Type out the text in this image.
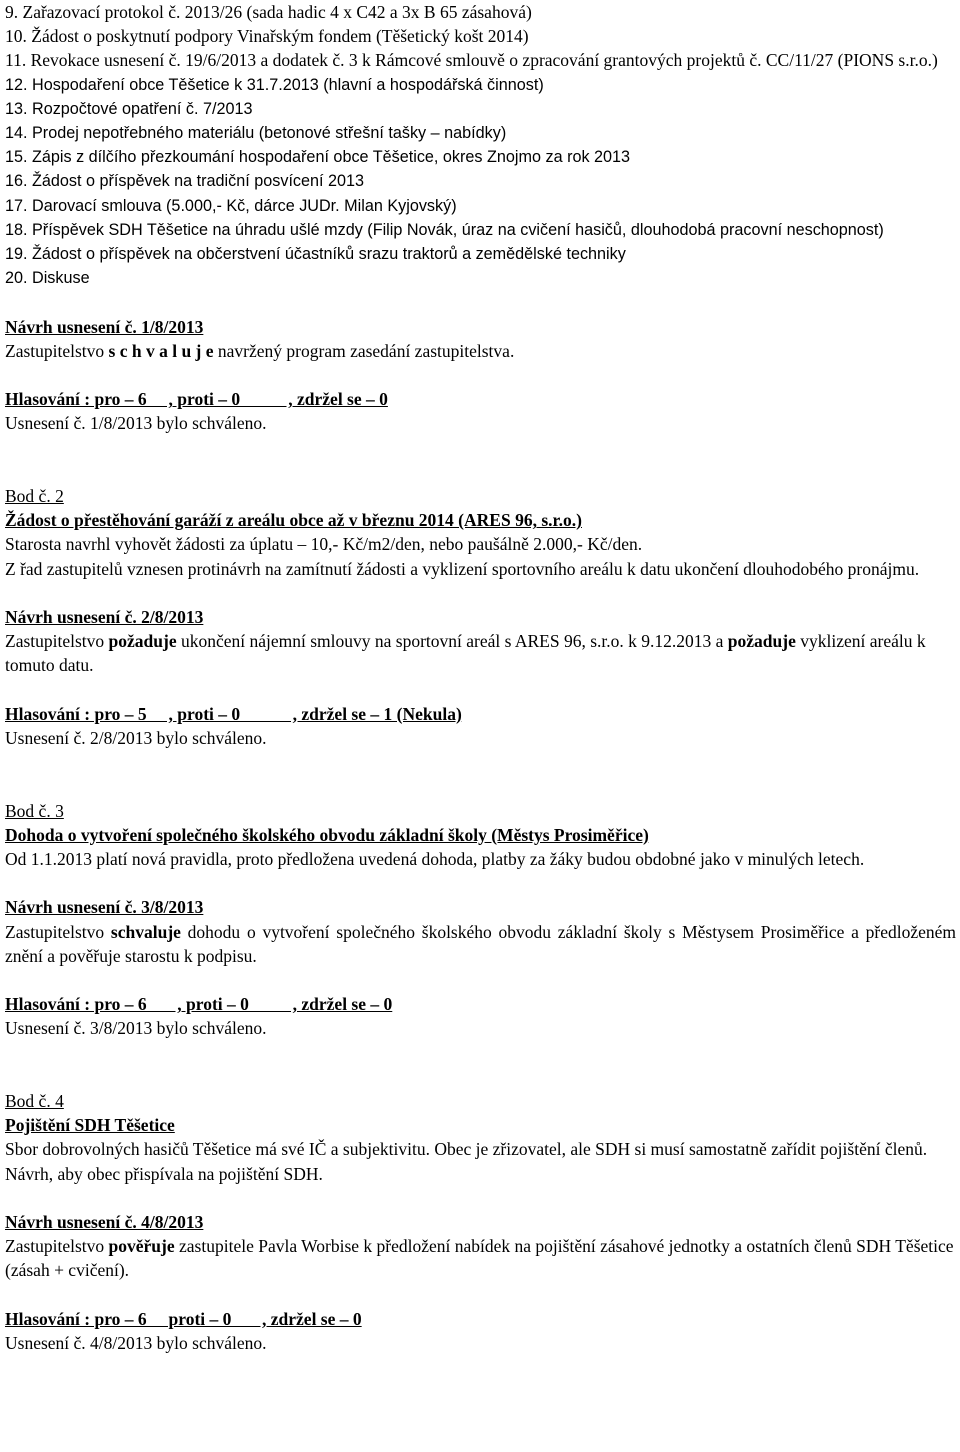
9. Zařazovací protokol č. 2013/26 (sada hadic 4 x C42 a 3x B 65 zásahová)
10. Žádost o poskytnutí podpory Vinařským fondem (Těšetický košt 2014)
11. Revokace usnesení č. 19/6/2013 a dodatek č. 3 k Rámcové smlouvě o zpracování grantových projektů č. CC/11/27 (PIONS s.r.o.)
12. Hospodaření obce Těšetice k 31.7.2013 (hlavní a hospodářská činnost)
13. Rozpočtové opatření č. 7/2013
14. Prodej nepotřebného materiálu (betonové střešní tašky – nabídky)
15. Zápis z dílčího přezkoumání hospodaření obce Těšetice, okres Znojmo za rok 2013
16. Žádost o příspěvek na tradiční posvícení 2013
17. Darovací smlouva (5.000,- Kč, dárce JUDr. Milan Kyjovský)
18. Příspěvek SDH Těšetice na úhradu ušlé mzdy (Filip Novák, úraz na cvičení hasičů, dlouhodobá pracovní neschopnost)
19. Žádost o příspěvek na občerstvení účastníků srazu traktorů a zemědělské techniky
20. Diskuse
Návrh usnesení č. 1/8/2013
Zastupitelstvo s c h v a l u j e navržený program zasedání zastupitelstva.
Hlasování : pro – 6     , proti – 0           , zdržel se – 0
Usnesení č. 1/8/2013 bylo schváleno.
Bod č. 2
Žádost o přestěhování garáží z areálu obce až v březnu 2014 (ARES 96, s.r.o.)
Starosta navrhl vyhovět žádosti za úplatu – 10,- Kč/m2/den, nebo paušálně 2.000,- Kč/den.
Z řad zastupitelů vznesen protinávrh na zamítnutí žádosti a vyklizení sportovního areálu k datu ukončení dlouhodobého pronájmu.
Návrh usnesení č. 2/8/2013
Zastupitelstvo požaduje ukončení nájemní smlouvy na sportovní areál s ARES 96, s.r.o. k 9.12.2013 a požaduje vyklizení areálu k tomuto datu.
Hlasování : pro – 5     , proti – 0            , zdržel se – 1 (Nekula)
Usnesení č. 2/8/2013 bylo schváleno.
Bod č. 3
Dohoda o vytvoření společného školského obvodu základní školy (Městys Prosiměřice)
Od 1.1.2013 platí nová pravidla, proto předložena uvedená dohoda, platby za žáky budou obdobné jako v minulých letech.
Návrh usnesení č. 3/8/2013
Zastupitelstvo schvaluje dohodu o vytvoření společného školského obvodu základní školy s Městysem Prosiměřice a předloženém znění a pověřuje starostu k podpisu.
Hlasování : pro – 6       , proti – 0          , zdržel se – 0
Usnesení č. 3/8/2013 bylo schváleno.
Bod č. 4
Pojištění SDH Těšetice
Sbor dobrovolných hasičů Těšetice má své IČ a subjektivitu. Obec je zřizovatel, ale SDH si musí samostatně zařídit pojištění členů. Návrh, aby obec přispívala na pojištění SDH.
Návrh usnesení č. 4/8/2013
Zastupitelstvo pověřuje zastupitele Pavla Worbise k předložení nabídek na pojištění zásahové jednotky a ostatních členů SDH Těšetice (zásah + cvičení).
Hlasování : pro – 6     proti – 0       , zdržel se – 0
Usnesení č. 4/8/2013 bylo schváleno.
